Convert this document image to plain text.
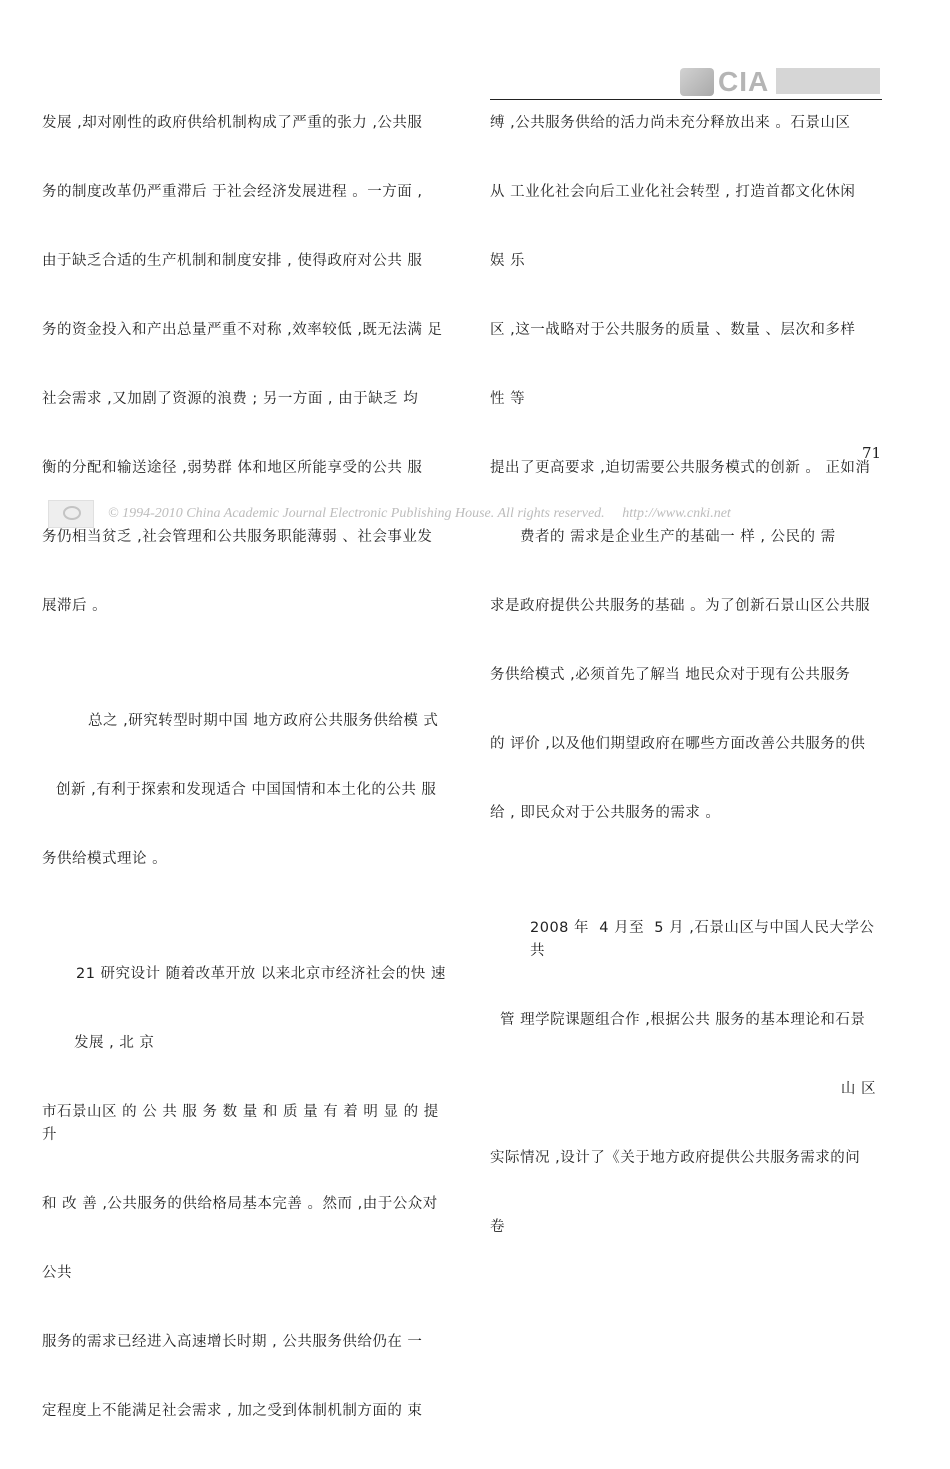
CIA

发展 ,却对刚性的政府供给机制构成了严重的张力 ,公共服

务的制度改革仍严重滞后 于社会经济发展进程 。一方面 ,

由于缺乏合适的生产机制和制度安排 , 使得政府对公共 服

务的资金投入和产出总量严重不对称 ,效率较低 ,既无法满 足

社会需求 ,又加剧了资源的浪费 ; 另一方面 , 由于缺乏 均

衡的分配和输送途径 ,弱势群 体和地区所能享受的公共 服

务仍相当贫乏 ,社会管理和公共服务职能薄弱 、社会事业发

展滞后 。

总之 ,研究转型时期中国 地方政府公共服务供给模 式

创新 ,有利于探索和发现适合 中国国情和本土化的公共 服

务供给模式理论 。

21 研究设计 随着改革开放 以来北京市经济社会的快 速

发展 , 北 京

市石景山区 的 公 共 服 务 数 量 和 质 量 有 着 明 显 的 提 升

和 改 善 ,公共服务的供给格局基本完善 。然而 ,由于公众对

公共

服务的需求已经进入高速增长时期 , 公共服务供给仍在 一

定程度上不能满足社会需求 , 加之受到体制机制方面的 束

缚 ,公共服务供给的活力尚未充分释放出来 。石景山区

从 工业化社会向后工业化社会转型 , 打造首都文化休闲

娱 乐

区 ,这一战略对于公共服务的质量 、数量 、层次和多样

性 等

提出了更高要求 ,迫切需要公共服务模式的创新 。 正如消

费者的 需求是企业生产的基础一 样 , 公民的 需

求是政府提供公共服务的基础 。为了创新石景山区公共服

务供给模式 ,必须首先了解当 地民众对于现有公共服务

的 评价 ,以及他们期望政府在哪些方面改善公共服务的供

给 , 即民众对于公共服务的需求 。

2008 年  4 月至  5 月 ,石景山区与中国人民大学公共

管 理学院课题组合作 ,根据公共 服务的基本理论和石景

山 区

实际情况 ,设计了《关于地方政府提供公共服务需求的问

卷

71
© 1994-2010 China Academic Journal Electronic Publishing House. All rights reserved. http://www.cnki.net
